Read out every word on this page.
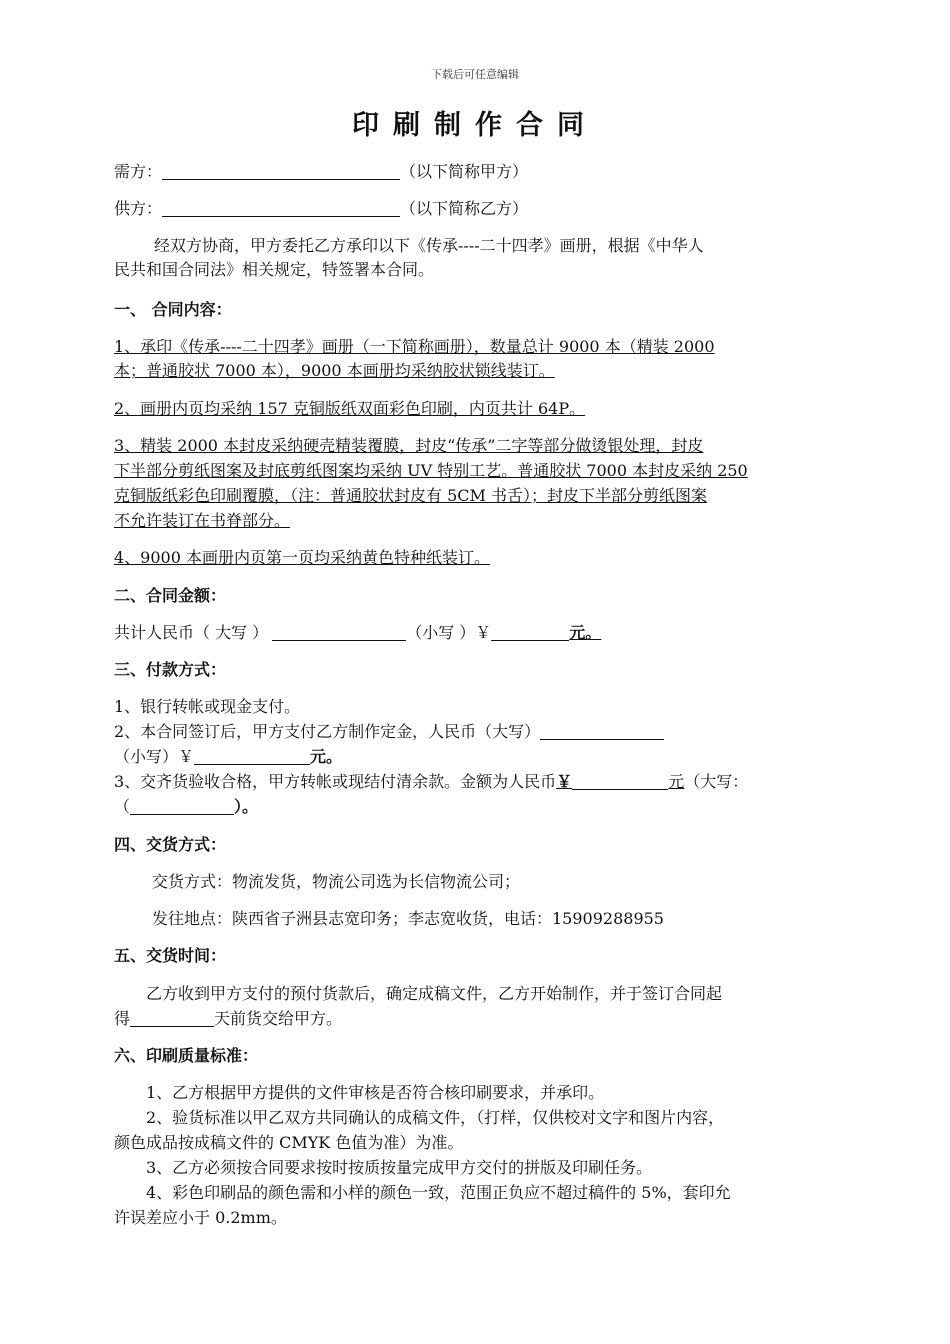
下载后可任意编辑
印刷制作合同
需方：	（以下简称甲方）
供方：	（以下简称乙方）
经双方协商，甲方委托乙方承印以下《传承----二十四孝》画册，根据《中华人
民共和国合同法》相关规定，特签署本合同。
一、 合同内容：
1、承印《传承----二十四孝》画册（一下简称画册），数量总计 9000 本（精装 2000
本；普通胶状 7000 本），9000 本画册均采纳胶状锁线装订。
2、画册内页均采纳 157 克铜版纸双面彩色印刷，内页共计 64P。
3、精装 2000 本封皮采纳硬壳精装覆膜，封皮“传承”二字等部分做烫银处理，封皮
下半部分剪纸图案及封底剪纸图案均采纳 UV 特别工艺。普通胶状 7000 本封皮采纳 250
克铜版纸彩色印刷覆膜，（注：普通胶状封皮有 5CM 书舌）；封皮下半部分剪纸图案
不允许装订在书脊部分。
4、9000 本画册内页第一页均采纳黄色特种纸装订。
二、合同金额：
共计人民币（ 大写 ）	（小写 ）￥	元。
三、付款方式：
1、银行转帐或现金支付。
2、本合同签订后，甲方支付乙方制作定金，人民币（大写）
（小写）￥	元。
3、交齐货验收合格，甲方转帐或现结付清余款。金额为人民币￥	元（大写：
（	）。
四、交货方式：
交货方式：物流发货，物流公司选为长信物流公司；
发往地点：陕西省子洲县志宽印务；李志宽收货，电话：15909288955
五、交货时间：
乙方收到甲方支付的预付货款后，确定成稿文件，乙方开始制作，并于签订合同起
得	天前货交给甲方。
六、印刷质量标准：
1、乙方根据甲方提供的文件审核是否符合核印刷要求，并承印。
2、验货标准以甲乙双方共同确认的成稿文件，（打样，仅供校对文字和图片内容，
颜色成品按成稿文件的 CMYK 色值为准）为准。
3、乙方必须按合同要求按时按质按量完成甲方交付的拼版及印刷任务。
4、彩色印刷品的颜色需和小样的颜色一致，范围正负应不超过稿件的 5%，套印允
许误差应小于 0.2mm。
